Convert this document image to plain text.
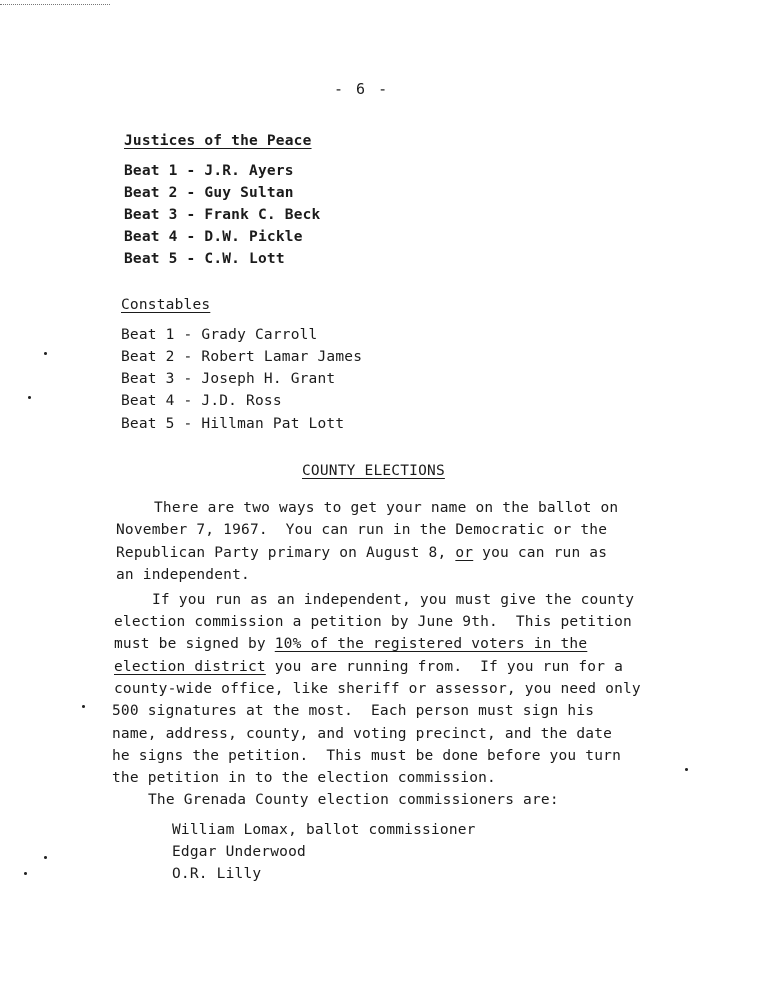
- 6 -
Justices of the Peace
Beat 1 - J.R. Ayers
Beat 2 - Guy Sultan
Beat 3 - Frank C. Beck
Beat 4 - D.W. Pickle
Beat 5 - C.W. Lott
Constables
Beat 1 - Grady Carroll
Beat 2 - Robert Lamar James
Beat 3 - Joseph H. Grant
Beat 4 - J.D. Ross
Beat 5 - Hillman Pat Lott
COUNTY ELECTIONS
There are two ways to get your name on the ballot on
November 7, 1967.  You can run in the Democratic or the
Republican Party primary on August 8, or you can run as
an independent.
If you run as an independent, you must give the county
election commission a petition by June 9th.  This petition
must be signed by 10% of the registered voters in the
election district you are running from.  If you run for a
county-wide office, like sheriff or assessor, you need only
500 signatures at the most.  Each person must sign his
name, address, county, and voting precinct, and the date
he signs the petition.  This must be done before you turn
the petition in to the election commission.
The Grenada County election commissioners are:
William Lomax, ballot commissioner
Edgar Underwood
O.R. Lilly
